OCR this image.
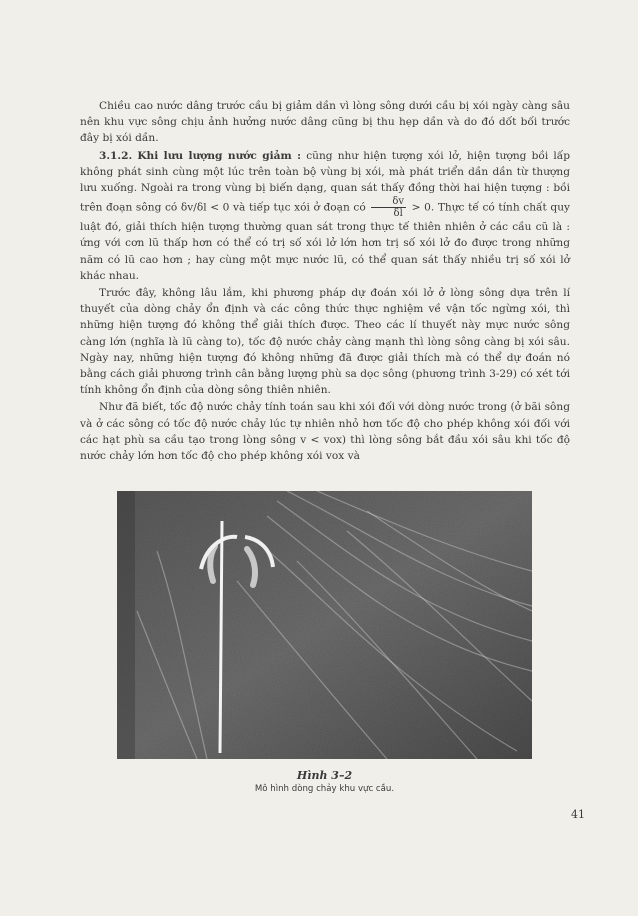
Chiều cao nước dâng trước cầu bị giảm dần vì lòng sông dưới cầu bị xói ngày càng sâu nên khu vực sông chịu ảnh hưởng nước dâng cũng bị thu hẹp dần và do đó dốt bối trước đây bị xói dần.

3.1.2. Khi lưu lượng nước giảm : cũng như hiện tượng xói lở, hiện tượng bồi lấp không phát sinh cùng một lúc trên toàn bộ vùng bị xói, mà phát triển dần dần từ thượng lưu xuống. Ngoài ra trong vùng bị biến dạng, quan sát thấy đồng thời hai hiện tượng : bồi trên đoạn sông có δv/δl < 0 và tiếp tục xói ở đoạn có $\frac{\delta v}{\delta l} > 0$. Thực tế có tính chất quy luật đó, giải thích hiện tượng thường quan sát trong thực tế thiên nhiên ở các cầu cũ là : ứng với cơn lũ thấp hơn có thể có trị số xói lở lớn hơn trị số xói lở đo được trong những năm có lũ cao hơn ; hay cùng một mực nước lũ, có thể quan sát thấy nhiều trị số xói lở khác nhau.

Trước đây, không lâu lắm, khi phương pháp dự đoán xói lở ở lòng sông dựa trên lí thuyết của dòng chảy ổn định và các công thức thực nghiệm về vận tốc ngừng xói, thì những hiện tượng đó không thể giải thích được. Theo các lí thuyết này mực nước sông càng lớn (nghĩa là lũ càng to), tốc độ nước chảy càng mạnh thì lòng sông càng bị xói sâu. Ngày nay, những hiện tượng đó không những đã được giải thích mà có thể dự đoán nó bằng cách giải phương trình cân bằng lượng phù sa dọc sông (phương trình 3-29) có xét tới tính không ổn định của dòng sông thiên nhiên.

Như đã biết, tốc độ nước chảy tính toán sau khi xói đối với dòng nước trong (ở bãi sông và ở các sông có tốc độ nước chảy lúc tự nhiên nhỏ hơn tốc độ cho phép không xói đối với các hạt phù sa cầu tạo trong lòng sông v < vox) thì lòng sông bắt đầu xói sâu khi tốc độ nước chảy lớn hơn tốc độ cho phép không xói vox và

Hình 3–2
Mô hình dòng chảy khu vực cầu.
41
